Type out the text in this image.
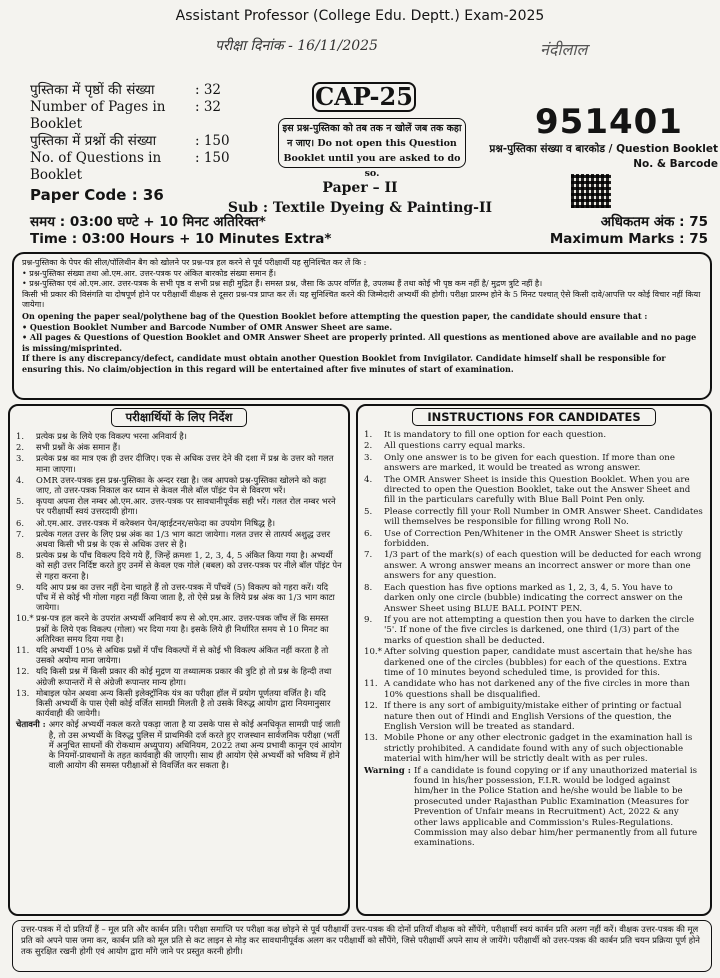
Assistant Professor (College Edu. Deptt.) Exam-2025
परीक्षा दिनांक - 16/11/2025	नंदीलाल
पुस्तिका में पृष्ठों की संख्या	: 32
Number of Pages in Booklet
: 32
पुस्तिका में प्रश्नों की संख्या	: 150
No. of Questions in Booklet
: 150
CAP-25
इस प्रश्न-पुस्तिका को तब तक न खोलें जब तक कहा न जाए। Do not open this Question Booklet until you are asked to do so.
951401
प्रश्न-पुस्तिका संख्या व बारकोड / Question Booklet No. & Barcode
Paper Code : 36	Paper – II
Sub : Textile Dyeing & Painting-II
समय : 03:00 घण्टे + 10 मिनट अतिरिक्त*
Time : 03:00 Hours + 10 Minutes Extra*
अधिकतम अंक : 75
Maximum Marks : 75
प्रश्न-पुस्तिका के पेपर की सील/पॉलिथीन बैग को खोलने पर प्रश्न-पत्र हल करने से पूर्व परीक्षार्थी यह सुनिश्चित कर लें कि :
• प्रश्न-पुस्तिका संख्या तथा ओ.एम.आर. उत्तर-पत्रक पर अंकित बारकोड संख्या समान हैं।
• प्रश्न-पुस्तिका एवं ओ.एम.आर. उत्तर-पत्रक के सभी पृष्ठ व सभी प्रश्न सही मुद्रित हैं। समस्त प्रश्न, जैसा कि ऊपर वर्णित है, उपलब्ध हैं तथा कोई भी पृष्ठ कम नहीं है/ मुद्रण त्रुटि नहीं है।
किसी भी प्रकार की विसंगति या दोषपूर्ण होने पर परीक्षार्थी वीक्षक से दूसरा प्रश्न-पत्र प्राप्त कर लें। यह सुनिश्चित करने की जिम्मेदारी अभ्यर्थी की होगी। परीक्षा प्रारम्भ होने के 5 मिनट पश्चात् ऐसे किसी दावे/आपत्ति पर कोई विचार नहीं किया जायेगा।
On opening the paper seal/polythene bag of the Question Booklet before attempting the question paper, the candidate should ensure that :
• Question Booklet Number and Barcode Number of OMR Answer Sheet are same.
• All pages & Questions of Question Booklet and OMR Answer Sheet are properly printed. All questions as mentioned above are available and no page is missing/misprinted.
If there is any discrepancy/defect, candidate must obtain another Question Booklet from Invigilator. Candidate himself shall be responsible for ensuring this. No claim/objection in this regard will be entertained after five minutes of start of examination.
परीक्षार्थियों के लिए निर्देश
1.	प्रत्येक प्रश्न के लिये एक विकल्प भरना अनिवार्य है।
2.	सभी प्रश्नों के अंक समान हैं।
3.	प्रत्येक प्रश्न का मात्र एक ही उत्तर दीजिए। एक से अधिक उत्तर देने की दशा में प्रश्न के उत्तर को गलत माना जाएगा।
4.	OMR उत्तर-पत्रक इस प्रश्न-पुस्तिका के अन्दर रखा है। जब आपको प्रश्न-पुस्तिका खोलने को कहा जाए, तो उत्तर-पत्रक निकाल कर ध्यान से केवल नीले बॉल पॉइंट पेन से विवरण भरें।
5.	कृपया अपना रोल नम्बर ओ.एम.आर. उत्तर-पत्रक पर सावधानीपूर्वक सही भरें। गलत रोल नम्बर भरने पर परीक्षार्थी स्वयं उत्तरदायी होगा।
6.	ओ.एम.आर. उत्तर-पत्रक में करेक्शन पेन/व्हाईटनर/सफेदा का उपयोग निषिद्ध है।
7.	प्रत्येक गलत उत्तर के लिए प्रश्न अंक का 1/3 भाग काटा जायेगा। गलत उत्तर से तात्पर्य अशुद्ध उत्तर अथवा किसी भी प्रश्न के एक से अधिक उत्तर से है।
8.	प्रत्येक प्रश्न के पाँच विकल्प दिये गये हैं, जिन्हें क्रमशः 1, 2, 3, 4, 5 अंकित किया गया है। अभ्यर्थी को सही उत्तर निर्दिष्ट करते हुए उनमें से केवल एक गोले (बबल) को उत्तर-पत्रक पर नीले बॉल पॉइंट पेन से गहरा करना है।
9.	यदि आप प्रश्न का उत्तर नहीं देना चाहते हैं तो उत्तर-पत्रक में पाँचवें (5) विकल्प को गहरा करें। यदि पाँच में से कोई भी गोला गहरा नहीं किया जाता है, तो ऐसे प्रश्न के लिये प्रश्न अंक का 1/3 भाग काटा जायेगा।
10.* प्रश्न-पत्र हल करने के उपरांत अभ्यर्थी अनिवार्य रूप से ओ.एम.आर. उत्तर-पत्रक जाँच लें कि समस्त प्रश्नों के लिये एक विकल्प (गोला) भर दिया गया है। इसके लिये ही निर्धारित समय से 10 मिनट का अतिरिक्त समय दिया गया है।
11. यदि अभ्यर्थी 10% से अधिक प्रश्नों में पाँच विकल्पों में से कोई भी विकल्प अंकित नहीं करता है तो उसको अयोग्य माना जायेगा।
12. यदि किसी प्रश्न में किसी प्रकार की कोई मुद्रण या तथ्यात्मक प्रकार की त्रुटि हो तो प्रश्न के हिन्दी तथा अंग्रेजी रूपान्तरों में से अंग्रेजी रूपान्तर मान्य होगा।
13. मोबाइल फोन अथवा अन्य किसी इलेक्ट्रॉनिक यंत्र का परीक्षा हॉल में प्रयोग पूर्णतया वर्जित है। यदि किसी अभ्यर्थी के पास ऐसी कोई वर्जित सामग्री मिलती है तो उसके विरुद्ध आयोग द्वारा नियमानुसार कार्यवाही की जायेगी।
चेतावनी : अगर कोई अभ्यर्थी नकल करते पकड़ा जाता है या उसके पास से कोई अनधिकृत सामग्री पाई जाती है, तो उस अभ्यर्थी के विरुद्ध पुलिस में प्राथमिकी दर्ज करते हुए राजस्थान सार्वजनिक परीक्षा (भर्ती में अनुचित साधनों की रोकथाम अध्युपाय) अधिनियम, 2022 तथा अन्य प्रभावी कानून एवं आयोग के नियमों-प्रावधानों के तहत कार्यवाही की जाएगी। साथ ही आयोग ऐसे अभ्यर्थी को भविष्य में होने वाली आयोग की समस्त परीक्षाओं से विवर्जित कर सकता है।
INSTRUCTIONS FOR CANDIDATES
1.	It is mandatory to fill one option for each question.
2.	All questions carry equal marks.
3.	Only one answer is to be given for each question. If more than one answers are marked, it would be treated as wrong answer.
4.	The OMR Answer Sheet is inside this Question Booklet. When you are directed to open the Question Booklet, take out the Answer Sheet and fill in the particulars carefully with Blue Ball Point Pen only.
5.	Please correctly fill your Roll Number in OMR Answer Sheet. Candidates will themselves be responsible for filling wrong Roll No.
6.	Use of Correction Pen/Whitener in the OMR Answer Sheet is strictly forbidden.
7.	1/3 part of the mark(s) of each question will be deducted for each wrong answer. A wrong answer means an incorrect answer or more than one answers for any question.
8.	Each question has five options marked as 1, 2, 3, 4, 5. You have to darken only one circle (bubble) indicating the correct answer on the Answer Sheet using BLUE BALL POINT PEN.
9.	If you are not attempting a question then you have to darken the circle '5'. If none of the five circles is darkened, one third (1/3) part of the marks of question shall be deducted.
10.* After solving question paper, candidate must ascertain that he/she has darkened one of the circles (bubbles) for each of the questions. Extra time of 10 minutes beyond scheduled time, is provided for this.
11. A candidate who has not darkened any of the five circles in more than 10% questions shall be disqualified.
12. If there is any sort of ambiguity/mistake either of printing or factual nature then out of Hindi and English Versions of the question, the English Version will be treated as standard.
13. Mobile Phone or any other electronic gadget in the examination hall is strictly prohibited. A candidate found with any of such objectionable material with him/her will be strictly dealt with as per rules.
Warning : If a candidate is found copying or if any unauthorized material is found in his/her possession, F.I.R. would be lodged against him/her in the Police Station and he/she would be liable to be prosecuted under Rajasthan Public Examination (Measures for Prevention of Unfair means in Recruitment) Act, 2022 & any other laws applicable and Commission's Rules-Regulations. Commission may also debar him/her permanently from all future examinations.
उत्तर-पत्रक में दो प्रतियाँ हैं – मूल प्रति और कार्बन प्रति। परीक्षा समाप्ति पर परीक्षा कक्ष छोड़ने से पूर्व परीक्षार्थी उत्तर-पत्रक की दोनों प्रतियाँ वीक्षक को सौंपेंगे, परीक्षार्थी स्वयं कार्बन प्रति अलग नहीं करें। वीक्षक उत्तर-पत्रक की मूल प्रति को अपने पास जमा कर, कार्बन प्रति को मूल प्रति से कट लाइन से मोड़ कर सावधानीपूर्वक अलग कर परीक्षार्थी को सौंपेंगे, जिसे परीक्षार्थी अपने साथ ले जायेंगे। परीक्षार्थी को उत्तर-पत्रक की कार्बन प्रति चयन प्रक्रिया पूर्ण होने तक सुरक्षित रखनी होगी एवं आयोग द्वारा माँगे जाने पर प्रस्तुत करनी होगी।
